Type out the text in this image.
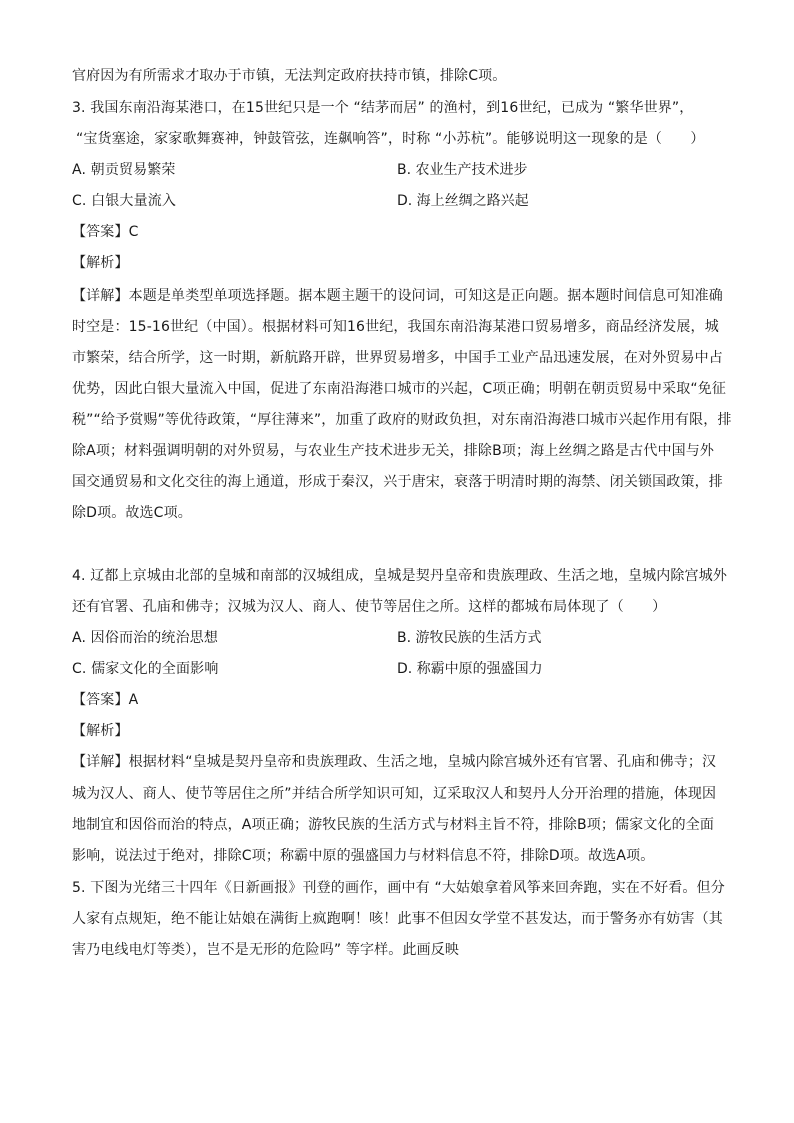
官府因为有所需求才取办于市镇，无法判定政府扶持市镇，排除C项。
3. 我国东南沿海某港口，在15世纪只是一个 “结茅而居” 的渔村，到16世纪，已成为 “繁华世界”，
“宝货塞途，家家歌舞赛神，钟鼓管弦，连飙响答”，时称 “小苏杭”。能够说明这一现象的是（　　）
A. 朝贡贸易繁荣	B. 农业生产技术进步
C. 白银大量流入	D. 海上丝绸之路兴起
【答案】C
【解析】
【详解】本题是单类型单项选择题。据本题主题干的设问词，可知这是正向题。据本题时间信息可知准确
时空是：15-16世纪（中国）。根据材料可知16世纪，我国东南沿海某港口贸易增多，商品经济发展，城
市繁荣，结合所学，这一时期，新航路开辟，世界贸易增多，中国手工业产品迅速发展，在对外贸易中占
优势，因此白银大量流入中国，促进了东南沿海港口城市的兴起，C项正确；明朝在朝贡贸易中采取“免征
税”“给予赏赐”等优待政策，“厚往薄来”，加重了政府的财政负担，对东南沿海港口城市兴起作用有限，排
除A项；材料强调明朝的对外贸易，与农业生产技术进步无关，排除B项；海上丝绸之路是古代中国与外
国交通贸易和文化交往的海上通道，形成于秦汉，兴于唐宋，衰落于明清时期的海禁、闭关锁国政策，排
除D项。故选C项。
4. 辽都上京城由北部的皇城和南部的汉城组成，皇城是契丹皇帝和贵族理政、生活之地，皇城内除宫城外
还有官署、孔庙和佛寺；汉城为汉人、商人、使节等居住之所。这样的都城布局体现了（　　）
A. 因俗而治的统治思想	B. 游牧民族的生活方式
C. 儒家文化的全面影响	D. 称霸中原的强盛国力
【答案】A
【解析】
【详解】根据材料“皇城是契丹皇帝和贵族理政、生活之地，皇城内除宫城外还有官署、孔庙和佛寺；汉
城为汉人、商人、使节等居住之所”并结合所学知识可知，辽采取汉人和契丹人分开治理的措施，体现因
地制宜和因俗而治的特点，A项正确；游牧民族的生活方式与材料主旨不符，排除B项；儒家文化的全面
影响，说法过于绝对，排除C项；称霸中原的强盛国力与材料信息不符，排除D项。故选A项。
5. 下图为光绪三十四年《日新画报》刊登的画作，画中有 “大姑娘拿着风筝来回奔跑，实在不好看。但分
人家有点规矩，绝不能让姑娘在满街上疯跑啊！咳！此事不但因女学堂不甚发达，而于警务亦有妨害（其
害乃电线电灯等类），岂不是无形的危险吗” 等字样。此画反映
